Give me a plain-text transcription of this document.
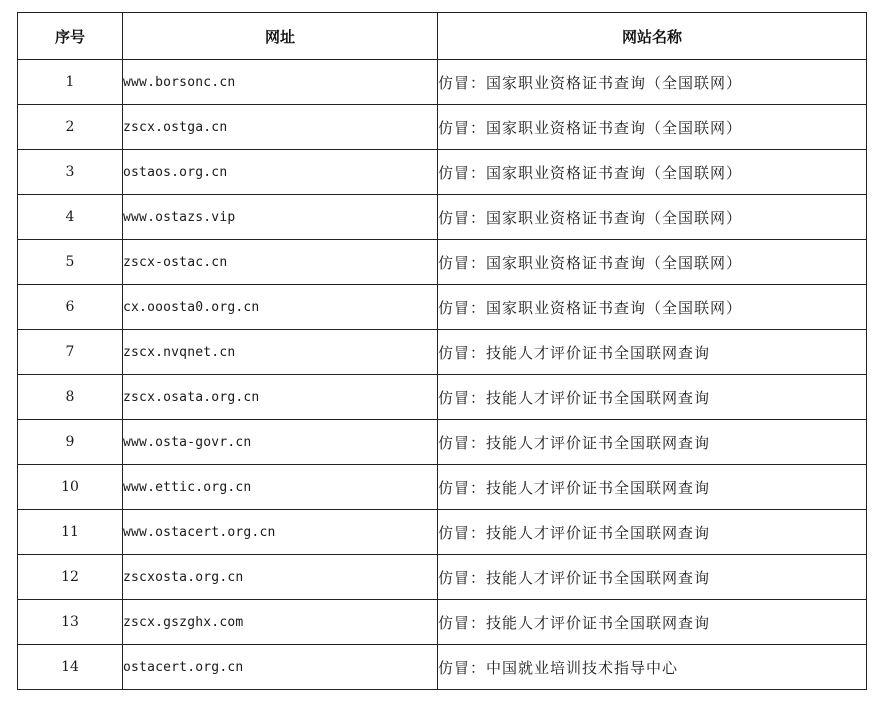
序号	网址	网站名称
1	www.borsonc.cn	仿冒：国家职业资格证书查询（全国联网）
2	zscx.ostga.cn	仿冒：国家职业资格证书查询（全国联网）
3	ostaos.org.cn	仿冒：国家职业资格证书查询（全国联网）
4	www.ostazs.vip	仿冒：国家职业资格证书查询（全国联网）
5	zscx-ostac.cn	仿冒：国家职业资格证书查询（全国联网）
6	cx.ooosta0.org.cn	仿冒：国家职业资格证书查询（全国联网）
7	zscx.nvqnet.cn	仿冒：技能人才评价证书全国联网查询
8	zscx.osata.org.cn	仿冒：技能人才评价证书全国联网查询
9	www.osta-govr.cn	仿冒：技能人才评价证书全国联网查询
10	www.ettic.org.cn	仿冒：技能人才评价证书全国联网查询
11	www.ostacert.org.cn	仿冒：技能人才评价证书全国联网查询
12	zscxosta.org.cn	仿冒：技能人才评价证书全国联网查询
13	zscx.gszghx.com	仿冒：技能人才评价证书全国联网查询
14	ostacert.org.cn	仿冒：中国就业培训技术指导中心
